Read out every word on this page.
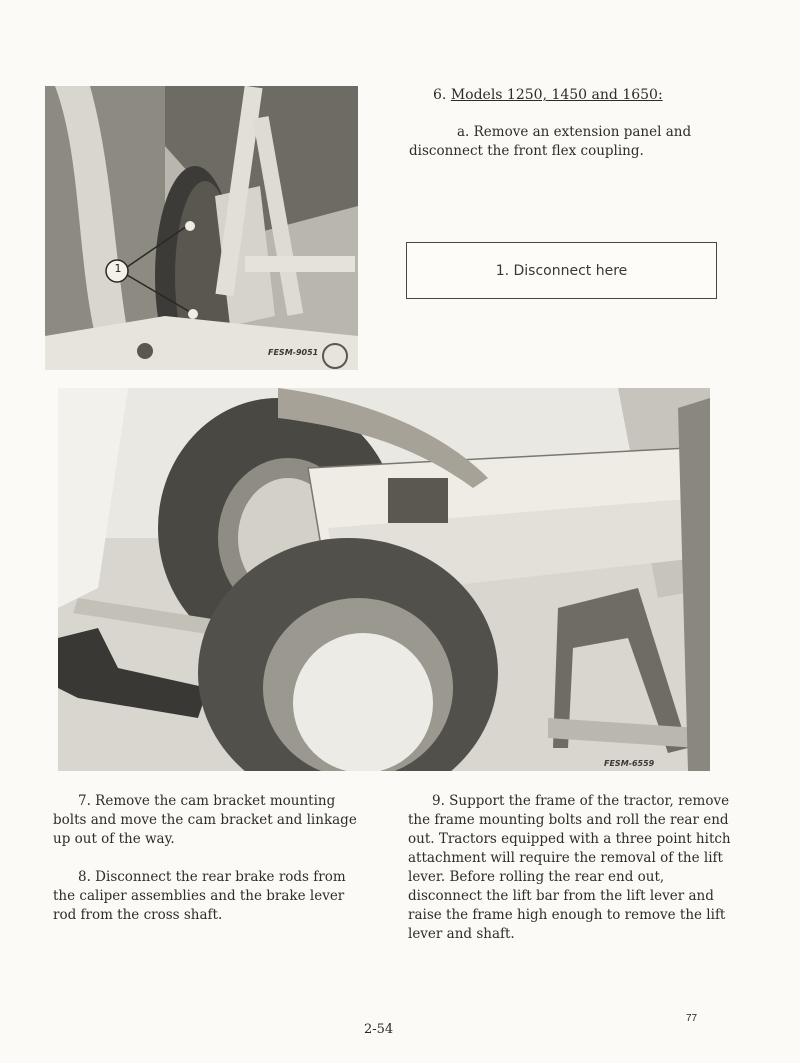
1
FESM-9051
6. Models 1250, 1450 and 1650:

a. Remove an extension panel and disconnect the front flex coupling.

1. Disconnect here
FESM-6559

7. Remove the cam bracket mounting bolts and move the cam bracket and linkage up out of the way.

8. Disconnect the rear brake rods from the caliper assemblies and the brake lever rod from the cross shaft.

9. Support the frame of the tractor, remove the frame mounting bolts and roll the rear end out. Tractors equipped with a three point hitch attachment will require the removal of the lift lever. Before rolling the rear end out, disconnect the lift bar from the lift lever and raise the frame high enough to remove the lift lever and shaft.

77
2-54
